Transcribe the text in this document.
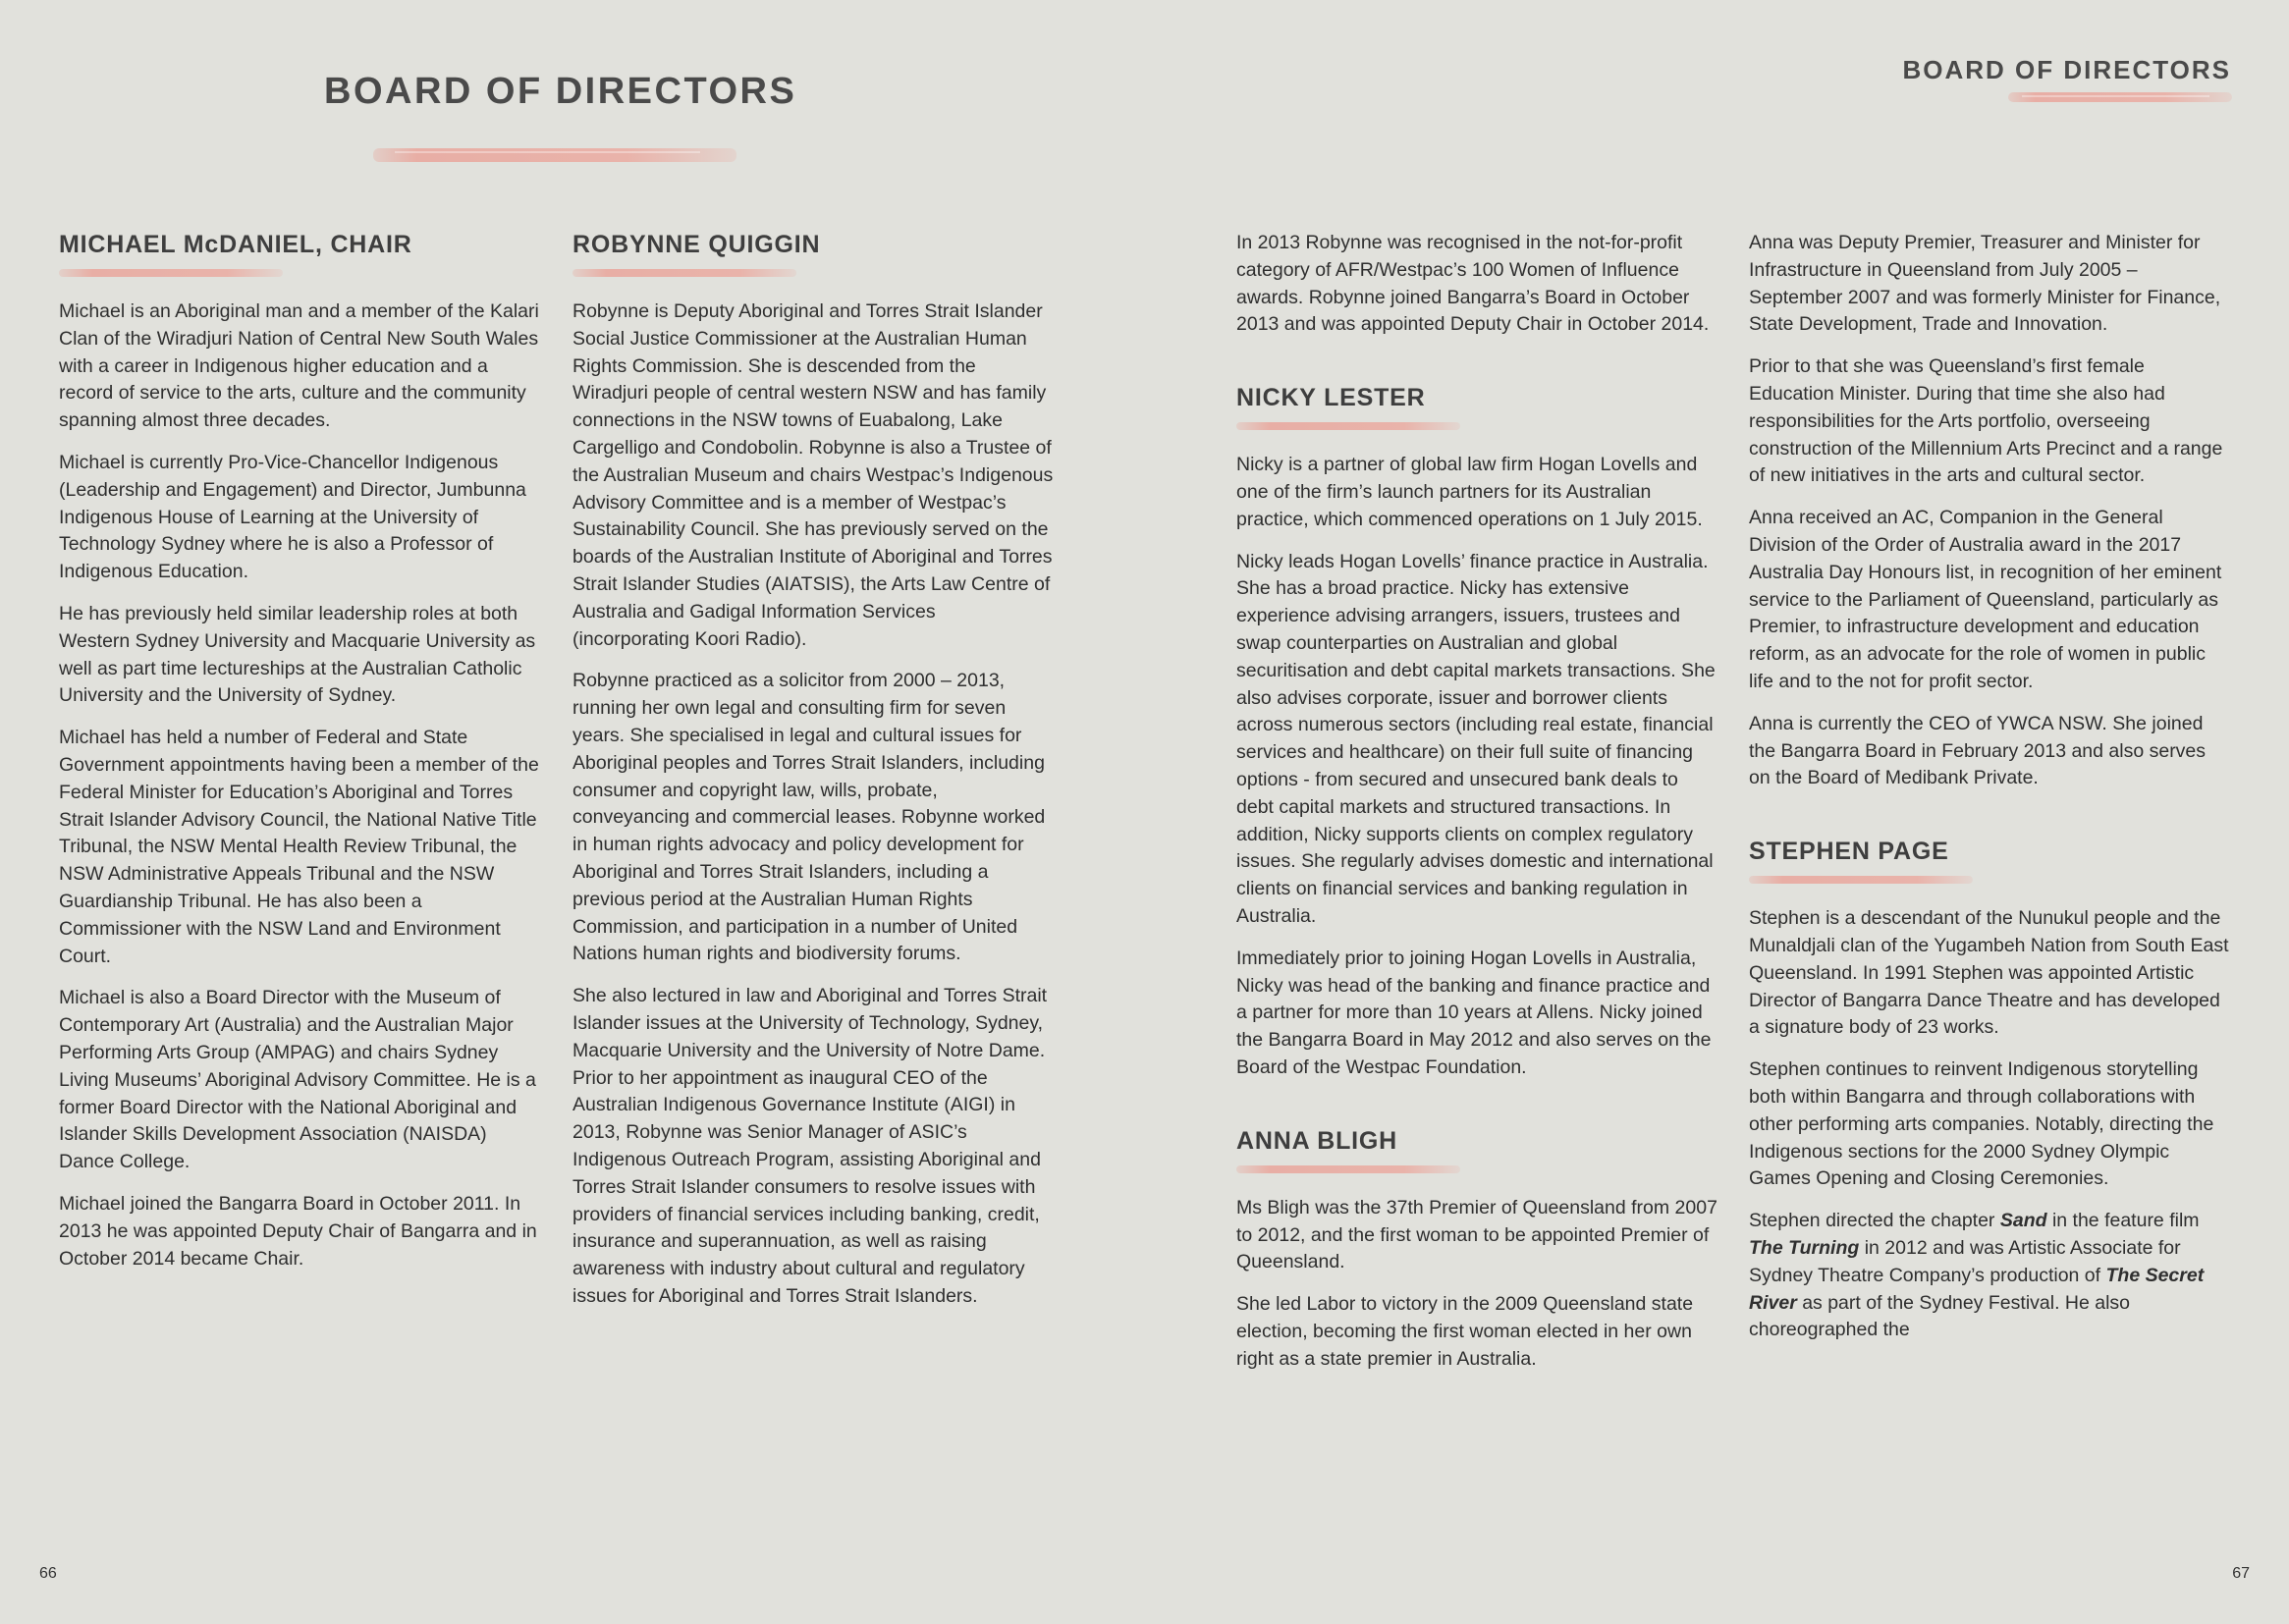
BOARD OF DIRECTORS
BOARD OF DIRECTORS
MICHAEL McDANIEL, CHAIR

Michael is an Aboriginal man and a member of the Kalari Clan of the Wiradjuri Nation of Central New South Wales with a career in Indigenous higher education and a record of service to the arts, culture and the community spanning almost three decades.

Michael is currently Pro-Vice-Chancellor Indigenous (Leadership and Engagement) and Director, Jumbunna Indigenous House of Learning at the University of Technology Sydney where he is also a Professor of Indigenous Education.

He has previously held similar leadership roles at both Western Sydney University and Macquarie University as well as part time lectureships at the Australian Catholic University and the University of Sydney.

Michael has held a number of Federal and State Government appointments having been a member of the Federal Minister for Education’s Aboriginal and Torres Strait Islander Advisory Council, the National Native Title Tribunal, the NSW Mental Health Review Tribunal, the NSW Administrative Appeals Tribunal and the NSW Guardianship Tribunal. He has also been a Commissioner with the NSW Land and Environment Court.

Michael is also a Board Director with the Museum of Contemporary Art (Australia) and the Australian Major Performing Arts Group (AMPAG) and chairs Sydney Living Museums’ Aboriginal Advisory Committee. He is a former Board Director with the National Aboriginal and Islander Skills Development Association (NAISDA) Dance College.

Michael joined the Bangarra Board in October 2011. In 2013 he was appointed Deputy Chair of Bangarra and in October 2014 became Chair.

ROBYNNE QUIGGIN

Robynne is Deputy Aboriginal and Torres Strait Islander Social Justice Commissioner at the Australian Human Rights Commission. She is descended from the Wiradjuri people of central western NSW and has family connections in the NSW towns of Euabalong, Lake Cargelligo and Condobolin. Robynne is also a Trustee of the Australian Museum and chairs Westpac’s Indigenous Advisory Committee and is a member of Westpac’s Sustainability Council. She has previously served on the boards of the Australian Institute of Aboriginal and Torres Strait Islander Studies (AIATSIS), the Arts Law Centre of Australia and Gadigal Information Services (incorporating Koori Radio).

Robynne practiced as a solicitor from 2000 – 2013, running her own legal and consulting firm for seven years. She specialised in legal and cultural issues for Aboriginal peoples and Torres Strait Islanders, including consumer and copyright law, wills, probate, conveyancing and commercial leases. Robynne worked in human rights advocacy and policy development for Aboriginal and Torres Strait Islanders, including a previous period at the Australian Human Rights Commission, and participation in a number of United Nations human rights and biodiversity forums.

She also lectured in law and Aboriginal and Torres Strait Islander issues at the University of Technology, Sydney, Macquarie University and the University of Notre Dame. Prior to her appointment as inaugural CEO of the Australian Indigenous Governance Institute (AIGI) in 2013, Robynne was Senior Manager of ASIC’s Indigenous Outreach Program, assisting Aboriginal and Torres Strait Islander consumers to resolve issues with providers of financial services including banking, credit, insurance and superannuation, as well as raising awareness with industry about cultural and regulatory issues for Aboriginal and Torres Strait Islanders.

In 2013 Robynne was recognised in the not-for-profit category of AFR/Westpac’s 100 Women of Influence awards. Robynne joined Bangarra’s Board in October 2013 and was appointed Deputy Chair in October 2014.

NICKY LESTER

Nicky is a partner of global law firm Hogan Lovells and one of the firm’s launch partners for its Australian practice, which commenced operations on 1 July 2015.

Nicky leads Hogan Lovells’ finance practice in Australia. She has a broad practice. Nicky has extensive experience advising arrangers, issuers, trustees and swap counterparties on Australian and global securitisation and debt capital markets transactions. She also advises corporate, issuer and borrower clients across numerous sectors (including real estate, financial services and healthcare) on their full suite of financing options - from secured and unsecured bank deals to debt capital markets and structured transactions. In addition, Nicky supports clients on complex regulatory issues. She regularly advises domestic and international clients on financial services and banking regulation in Australia.

Immediately prior to joining Hogan Lovells in Australia, Nicky was head of the banking and finance practice and a partner for more than 10 years at Allens. Nicky joined the Bangarra Board in May 2012 and also serves on the Board of the Westpac Foundation.

ANNA BLIGH

Ms Bligh was the 37th Premier of Queensland from 2007 to 2012, and the first woman to be appointed Premier of Queensland.

She led Labor to victory in the 2009 Queensland state election, becoming the first woman elected in her own right as a state premier in Australia.

Anna was Deputy Premier, Treasurer and Minister for Infrastructure in Queensland from July 2005 – September 2007 and was formerly Minister for Finance, State Development, Trade and Innovation.

Prior to that she was Queensland’s first female Education Minister. During that time she also had responsibilities for the Arts portfolio, overseeing construction of the Millennium Arts Precinct and a range of new initiatives in the arts and cultural sector.

Anna received an AC, Companion in the General Division of the Order of Australia award in the 2017 Australia Day Honours list, in recognition of her eminent service to the Parliament of Queensland, particularly as Premier, to infrastructure development and education reform, as an advocate for the role of women in public life and to the not for profit sector.

Anna is currently the CEO of YWCA NSW. She joined the Bangarra Board in February 2013 and also serves on the Board of Medibank Private.

STEPHEN PAGE

Stephen is a descendant of the Nunukul people and the Munaldjali clan of the Yugambeh Nation from South East Queensland. In 1991 Stephen was appointed Artistic Director of Bangarra Dance Theatre and has developed a signature body of 23 works.

Stephen continues to reinvent Indigenous storytelling both within Bangarra and through collaborations with other performing arts companies. Notably, directing the Indigenous sections for the 2000 Sydney Olympic Games Opening and Closing Ceremonies.

Stephen directed the chapter Sand in the feature film The Turning in 2012 and was Artistic Associate for Sydney Theatre Company’s production of The Secret River as part of the Sydney Festival. He also choreographed the

66	67
